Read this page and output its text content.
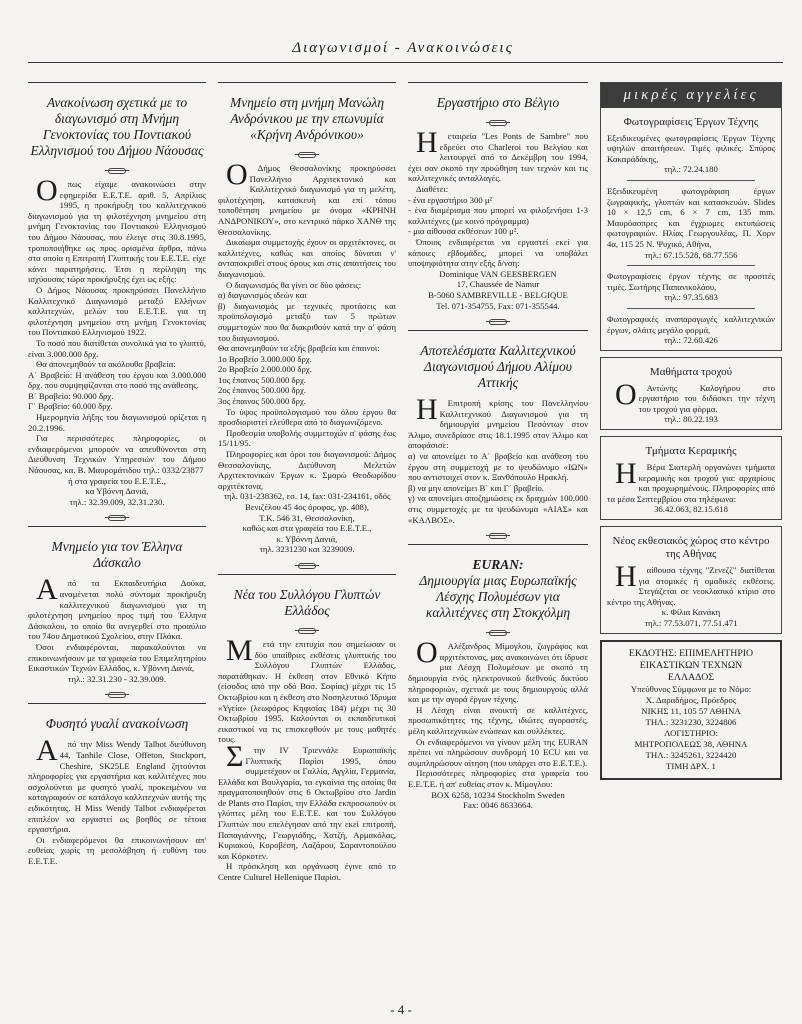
Διαγωνισμοί - Ανακοινώσεις
Ανακοίνωση σχετικά με το διαγωνισμό στη Μνήμη Γενοκτονίας του Ποντιακού Ελληνισμού του Δήμου Νάουσας
Οπως είχαμε ανακοινώσει στην εφημερίδα Ε.Ε.Τ.Ε. αριθ. 5, Απρίλιος 1995, η προκήρυξη του καλλιτεχνικού διαγωνισμού για τη φιλοτέχνηση μνημείου στη μνήμη Γενοκτονίας του Ποντιακού Ελληνισμού του Δήμου Νάουσας, που έλειγε στις 30.8.1995, τροποποιήθηκε ως προς ορισμένα άρθρα, πάνω στα οποία η Επιτροπή Γλυπτικής του Ε.Ε.Τ.Ε. είχε κάνει παρατηρήσεις. Έτσι η περίληψη της ισχύουσας τώρα προκήρυξης έχει ως εξής:
Ο Δήμος Νάουσας προκηρύσσει Πανελλήνιο Καλλιτεχνικό Διαγωνισμό μεταξύ Ελλήνων καλλιτεχνών, μελών του Ε.Ε.Τ.Ε. για τη φιλοτέχνηση μνημείου στη μνήμη Γενοκτονίας του Ποντιακού Ελληνισμού 1922.
Το ποσό που διατίθεται συνολικά για το γλυπτό, είναι 3.000.000 δρχ.
Θα απονεμηθούν τα ακόλουθα βραβεία:
Α΄ Βραβείο: Η ανάθεση του έργου και 3.000.000 δρχ. που συμψηφίζονται στο ποσό της ανάθεσης.
Β΄ Βραβείο: 90.000 δρχ.
Γ΄ Βραβείο: 60.000 δρχ.
Ημερομηνία λήξης του διαγωνισμού ορίζεται η 20.2.1996.
Για περισσότερες πληροφορίες, οι ενδιαφερόμενοι μπορούν να απευθύνονται στη Διεύθυνση Τεχνικών Υπηρεσιών του Δήμου Νάουσας, κα. Β. Μαυρομάτιδου τηλ.: 0332/23877
ή στα γραφεία του Ε.Ε.Τ.Ε.,
κα Υβόννη Δανιά,
τηλ.: 32.39.009, 32.31.230.
Μνημείο για τον Έλληνα Δάσκαλο
Από τα Εκπαιδευτήρια Δούκα, αναμένεται πολύ σύντομα προκήρυξη καλλιτεχνικού διαγωνισμού για τη φιλοτέχνηση μνημείου προς τιμή του Έλληνα Δάσκαλου, το οποίο θα ανεγερθεί στο προαύλιο του 74ου Δημοτικού Σχολείου, στην Πλάκα.
Όσοι ενδιαφέρονται, παρακαλούνται να επικοινωνήσουν με τα γραφεία του Επιμελητηρίου Εικαστικών Τεχνών Ελλάδος, κ. Υβόννη Δανιά,
τηλ.: 32.31.230 - 32.39.009.
Φυσητό γυαλί ανακοίνωση
Από την Miss Wendy Talbot διεύθυνση 44, Tanhile Close, Offeton, Stockport, Cheshire, SK25LE England ζητούνται πληροφορίες για εργαστήρια και καλλιτέχνες που ασχολούνται με φυσητό γυαλί, προκειμένου να καταγραφούν σε κατάλογο καλλιτεχνών αυτής της ειδικότητας. Η Miss Wendy Talbot ενδιαφέρεται επιπλέον να εργαστεί ως βοηθός σε τέτοια εργαστήρια.
Οι ενδιαφερόμενοι θα επικοινωνήσουν απ' ευθείας χωρίς τη μεσολάβηση ή ευθύνη του Ε.Ε.Τ.Ε.
Μνημείο στη μνήμη Μανώλη Ανδρόνικου με την επωνυμία «Κρήνη Ανδρόνικου»
ΟΔήμος Θεσσαλονίκης προκηρύσσει Πανελλήνιο Αρχιτεκτονικό και Καλλιτεχνικό διαγωνισμό για τη μελέτη, φιλοτέχνηση, κατασκευή και επί τόπου τοποθέτηση μνημείου με όνομα «ΚΡΗΝΗ ΑΝΔΡΟΝΙΚΟΥ», στο κεντρικό πάρκο ΧΑΝΘ της Θεσσαλονίκης.
Δικαίωμα συμμετοχής έχουν οι αρχιτέκτονες, οι καλλιτέχνες, καθώς και οποίος δύναται ν' ανταποκριθεί στους όρους και στις απαιτήσεις του διαγωνισμού.
Ο διαγωνισμός θα γίνει σε δύο φάσεις:
α) διαγωνισμός ιδεών και
β) διαγωνισμός με τεχνικές προτάσεις και προϋπολογισμό μεταξύ των 5 πρώτων συμμετοχών που θα διακριθούν κατά την α' φάση του διαγωνισμού.
Θα απονεμηθούν τα εξής βραβεία και έπαινοι:
1ο Βραβείο 3.000.000 δρχ.
2ο Βραβείο 2.000.000 δρχ.
1ος έπαινος 500.000 δρχ.
2ος έπαινος 500.000 δρχ.
3ος έπαινος 500.000 δρχ.
Το ύψος προϋπολογισμού του όλου έργου θα προσδιοριστεί ελεύθερα από το διαγωνιζόμενο.
Προθεσμία υποβολής συμμετοχών α' φάσης έως 15/11/95.
Πληροφορίες και όροι του διαγωνισμού: Δήμος Θεσσαλονίκης, Διεύθυνση Μελετών Αρχιτεκτονικών Έργων κ. Σμαρώ Θεοδωρίδου αρχιτέκτονα,
τηλ. 031-238362, εσ. 14, fax: 031-234161, οδός Βενιζέλου 45 4ος όροφος, γρ. 408),
Τ.Κ. 546 31, Θεσσαλονίκη,
καθώς και στα γραφεία του Ε.Ε.Τ.Ε.,
κ. Υβόννη Δανιά,
τηλ. 3231230 και 3239009.
Νέα του Συλλόγου Γλυπτών Ελλάδος
Μετά την επιτυχία που σημείωσαν οι δύο υπαίθριες εκθέσεις γλυπτικής του Συλλόγου Γλυπτών Ελλάδος, παρατάθηκαν. Η έκθεση στον Εθνικό Κήπο (είσοδος από την οδό Βασ. Σοφίας) μέχρι τις 15 Οκτωβρίου και η έκθεση στο Νοσηλευτικό Ίδρυμα «Υγεία» (λεωφόρος Κηφισίας 184) μέχρι τις 30 Οκτωβρίου 1995. Καλούνται οι εκπαιδευτικοί εικαστικοί να τις επισκεφθούν με τους μαθητές τους.
Στην IV Τριεννάλε Ευρωπαϊκής Γλυπτικής Παρίσι 1995, όπου συμμετέχουν οι Γαλλία, Αγγλία, Γερμανία, Ελλάδα και Βουλγαρία, τα εγκαίνια της οποίας θα πραγματοποιηθούν στις 6 Οκτωβρίου στο Jardin de Plants στο Παρίσι, την Ελλάδα εκπροσωπούν οι γλύπτες μέλη του Ε.Ε.Τ.Ε. και του Συλλόγου Γλυπτών που επελέγησαν από την εκεί επιτροπή, Παπαγιάννης, Γεωργιάδης, Χατζή, Αρμακόλας, Κυριακού, Κοροβέση, Λαζάρου, Σαραντοπούλου και Κόρκοτεν.
Η πρόσκληση και οργάνωση έγινε από το Centre Culturel Hellenique Παρίσι.
Εργαστήριο στο Βέλγιο
Ηεταιρεία "Les Ponts de Sambre" που εδρεύει στο Charleroi του Βελγίου και λειτουργεί από το Δεκέμβρη του 1994, έχει σαν σκοπό την προώθηση των τεχνών και τις καλλιτεχνικές ανταλλαγές.
Διαθέτει:
- ένα εργαστήριο 300 μ²
- ένα διαμέρισμα που μπορεί να φιλοξενήσει 1-3 καλλιτέχνες (με κοινό πρόγραμμα)
- μια αίθουσα εκθέσεων 100 μ².
Όποιος ενδιαφέρεται να εργαστεί εκεί για κάποιες εβδομάδες, μπορεί να υποβάλει υποψηφιότητα στην εξής δ/νση:
Dominique VAN GEESBERGEN
17, Chaussée de Namur
B-5060 SAMBREVILLE - BELGIQUE
Tel. 071-354755, Fax: 071-355544.
Αποτελέσματα Καλλιτεχνικού Διαγωνισμού Δήμου Αλίμου Αττικής
ΗΕπιτροπή κρίσης του Πανελληνίου Καλλιτεχνικού Διαγωνισμού για τη δημιουργία μνημείου Πεσόντων στον Άλιμο, συνεδρίασε στις 18.1.1995 στον Άλιμο και αποφάσισε:
α) να απονείμει το Α΄ βραβείο και ανάθεση του έργου στη συμμετοχή με το ψευδώνυμο «ΙΩΝ» που αντιστοιχεί στον κ. Ξανθόπουλο Ηρακλή.
β) να μην απονείμει Β΄ και Γ΄ βραβείο.
γ) να απονείμει αποζημιώσεις εκ δραχμών 100.000 στις συμμετοχές με τα ψευδώνυμα «ΑΙΑΣ» και «ΚΑΛΒΟΣ».
EURAN:
Δημιουργία μιας Ευρωπαϊκής Λέσχης Πολυμέσων για καλλιτέχνες στη Στοκχόλμη
ΟΑλέξανδρος Μίμογλου, ζωγράφος και αρχιτέκτονας, μας ανακοινώνει ότι ίδρυσε μια Λέσχη Πολυμέσων με σκοπό τη δημιουργία ενός ηλεκτρονικού διεθνούς δικτύου πληροφοριών, σχετικά με τους δημιουργούς αλλά και με την αγορά έργων τέχνης.
Η Λέσχη είναι ανοικτή σε καλλιτέχνες, προσωπικότητες της τέχνης, ιδιώτες αγοραστές, μέλη καλλιτεχνικών ενώσεων και συλλέκτες.
Οι ενδιαφερόμενοι να γίνουν μέλη της EURAN πρέπει να πληρώσουν συνδρομή 10 ECU και να συμπληρώσουν αίτηση (που υπάρχει στο Ε.Ε.Τ.Ε.).
Περισσότερες πληροφορίες στα γραφεία του Ε.Ε.Τ.Ε. ή απ' ευθείας στον κ. Μίμογλου:
BOX 6258, 10234 Stockholm Sweden
Fax: 0046 8633664.
μικρές αγγελίες
Φωτογραφίσεις Έργων Τέχνης
Εξειδικευμένες φωτογραφίσεις Έργων Τέχνης υψηλών απαιτήσεων. Τιμές φιλικές. Σπύρος Κακαράδάκης,
τηλ.: 72.24.180
Εξειδικευμένη φωτογράφιση έργων ζωγραφικής, γλυπτών και κατασκευών. Slides 10 × 12,5 cm, 6 × 7 cm, 135 mm. Μαυρόασπρες και έγχρωμες εκτυπώσεις φωτογραφιών. Ηλίας Γεωργουλέας, Π. Χορν 4α, 115 25 Ν. Ψυχικό, Αθήνα,
τηλ.: 67.15.528, 68.77.556
Φωτογραφίσεις έργων τέχνης σε προσιτές τιμές. Σωτήρης Παπανικολάου,
τηλ.: 97.35.683
Φωτογραφικές αναπαραγωγές καλλιτεχνικών έργων, σλάιτς μεγάλο φορμά,
τηλ.: 72.60.426
Μαθήματα τροχού
ΟΑντώνης Καλογήρου στο εργαστήριο του διδάσκει την τέχνη του τροχού για φόρμα.
τηλ.: 80.22.193
Τμήματα Κεραμικής
ΗΒέρα Σιατερλή οργανώνει τμήματα κεραμικής και τροχού για: αρχαρίους και προχωρημένους. Πληροφορίες από τα μέσα Σεπτεμβρίου στα τηλέφωνα:
36.42.063, 82.15.618
Νέος εκθεσιακός χώρος στο κέντρο της Αθήνας
Ηαίθουσα τέχνης "Ζενεζζ" διατίθεται για ατομικές ή ομαδικές εκθέσεις. Στεγάζεται σε νεοκλασικό κτίριο στο κέντρο της Αθήνας.
κ. Φίλια Κανάκη
τηλ.: 77.53.071, 77.51.471
ΕΚΔΟΤΗΣ: ΕΠΙΜΕΛΗΤΗΡΙΟ
ΕΙΚΑΣΤΙΚΩΝ ΤΕΧΝΩΝ
ΕΛΛΑΔΟΣ
Υπεύθυνος Σύμφωνα με το Νόμο:
Χ. Δαραδήμος, Πρόεδρος
ΝΙΚΗΣ 11, 105 57 ΑΘΗΝΑ
ΤΗΛ.: 3231230, 3224806
ΛΟΓΙΣΤΗΡΙΟ:
ΜΗΤΡΟΠΟΛΕΩΣ 38, ΑΘΗΝΑ
ΤΗΛ.: 3245261, 3224420
ΤΙΜΗ ΔΡΧ. 1
- 4 -
